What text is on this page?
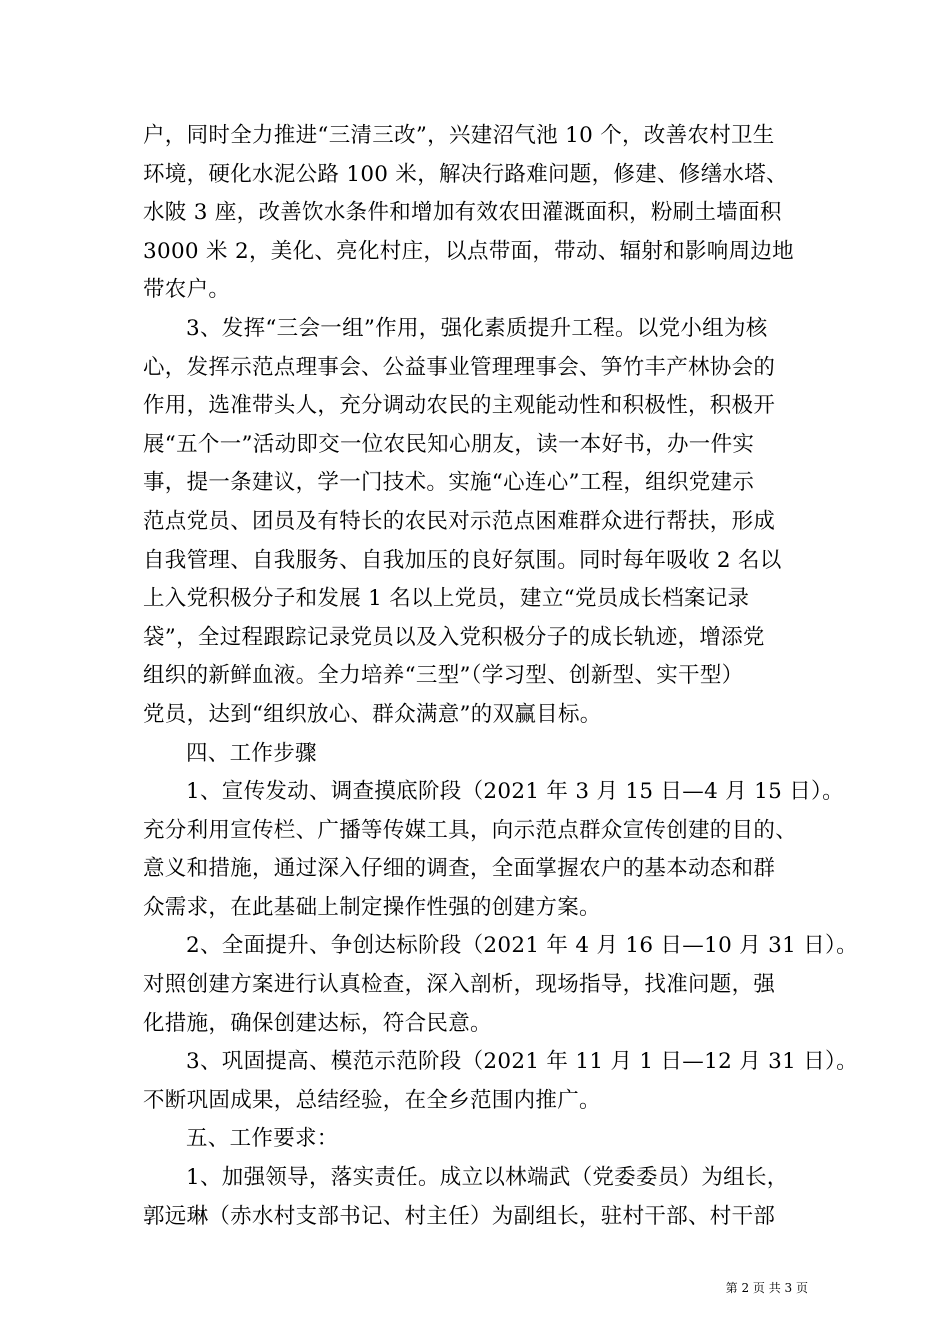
户，同时全力推进“三清三改”，兴建沼气池 10 个，改善农村卫生
环境，硬化水泥公路 100 米，解决行路难问题，修建、修缮水塔、
水陂 3 座，改善饮水条件和增加有效农田灌溉面积，粉刷土墙面积
3000 米 2，美化、亮化村庄，以点带面，带动、辐射和影响周边地
带农户。
3、发挥“三会一组”作用，强化素质提升工程。以党小组为核
心，发挥示范点理事会、公益事业管理理事会、笋竹丰产林协会的
作用，选准带头人，充分调动农民的主观能动性和积极性，积极开
展“五个一”活动即交一位农民知心朋友，读一本好书，办一件实
事，提一条建议，学一门技术。实施“心连心”工程，组织党建示
范点党员、团员及有特长的农民对示范点困难群众进行帮扶，形成
自我管理、自我服务、自我加压的良好氛围。同时每年吸收 2 名以
上入党积极分子和发展 1 名以上党员，建立“党员成长档案记录
袋”，全过程跟踪记录党员以及入党积极分子的成长轨迹，增添党
组织的新鲜血液。全力培养“三型”（学习型、创新型、实干型）
党员，达到“组织放心、群众满意”的双赢目标。
四、工作步骤
1、宣传发动、调查摸底阶段（2021 年 3 月 15 日—4 月 15 日）。
充分利用宣传栏、广播等传媒工具，向示范点群众宣传创建的目的、
意义和措施，通过深入仔细的调查，全面掌握农户的基本动态和群
众需求，在此基础上制定操作性强的创建方案。
2、全面提升、争创达标阶段（2021 年 4 月 16 日—10 月 31 日）。
对照创建方案进行认真检查，深入剖析，现场指导，找准问题，强
化措施，确保创建达标，符合民意。
3、巩固提高、模范示范阶段（2021 年 11 月 1 日—12 月 31 日）。
不断巩固成果，总结经验，在全乡范围内推广。
五、工作要求：
1、加强领导，落实责任。成立以林端武（党委委员）为组长，
郭远琳（赤水村支部书记、村主任）为副组长，驻村干部、村干部
第 2 页 共 3 页
